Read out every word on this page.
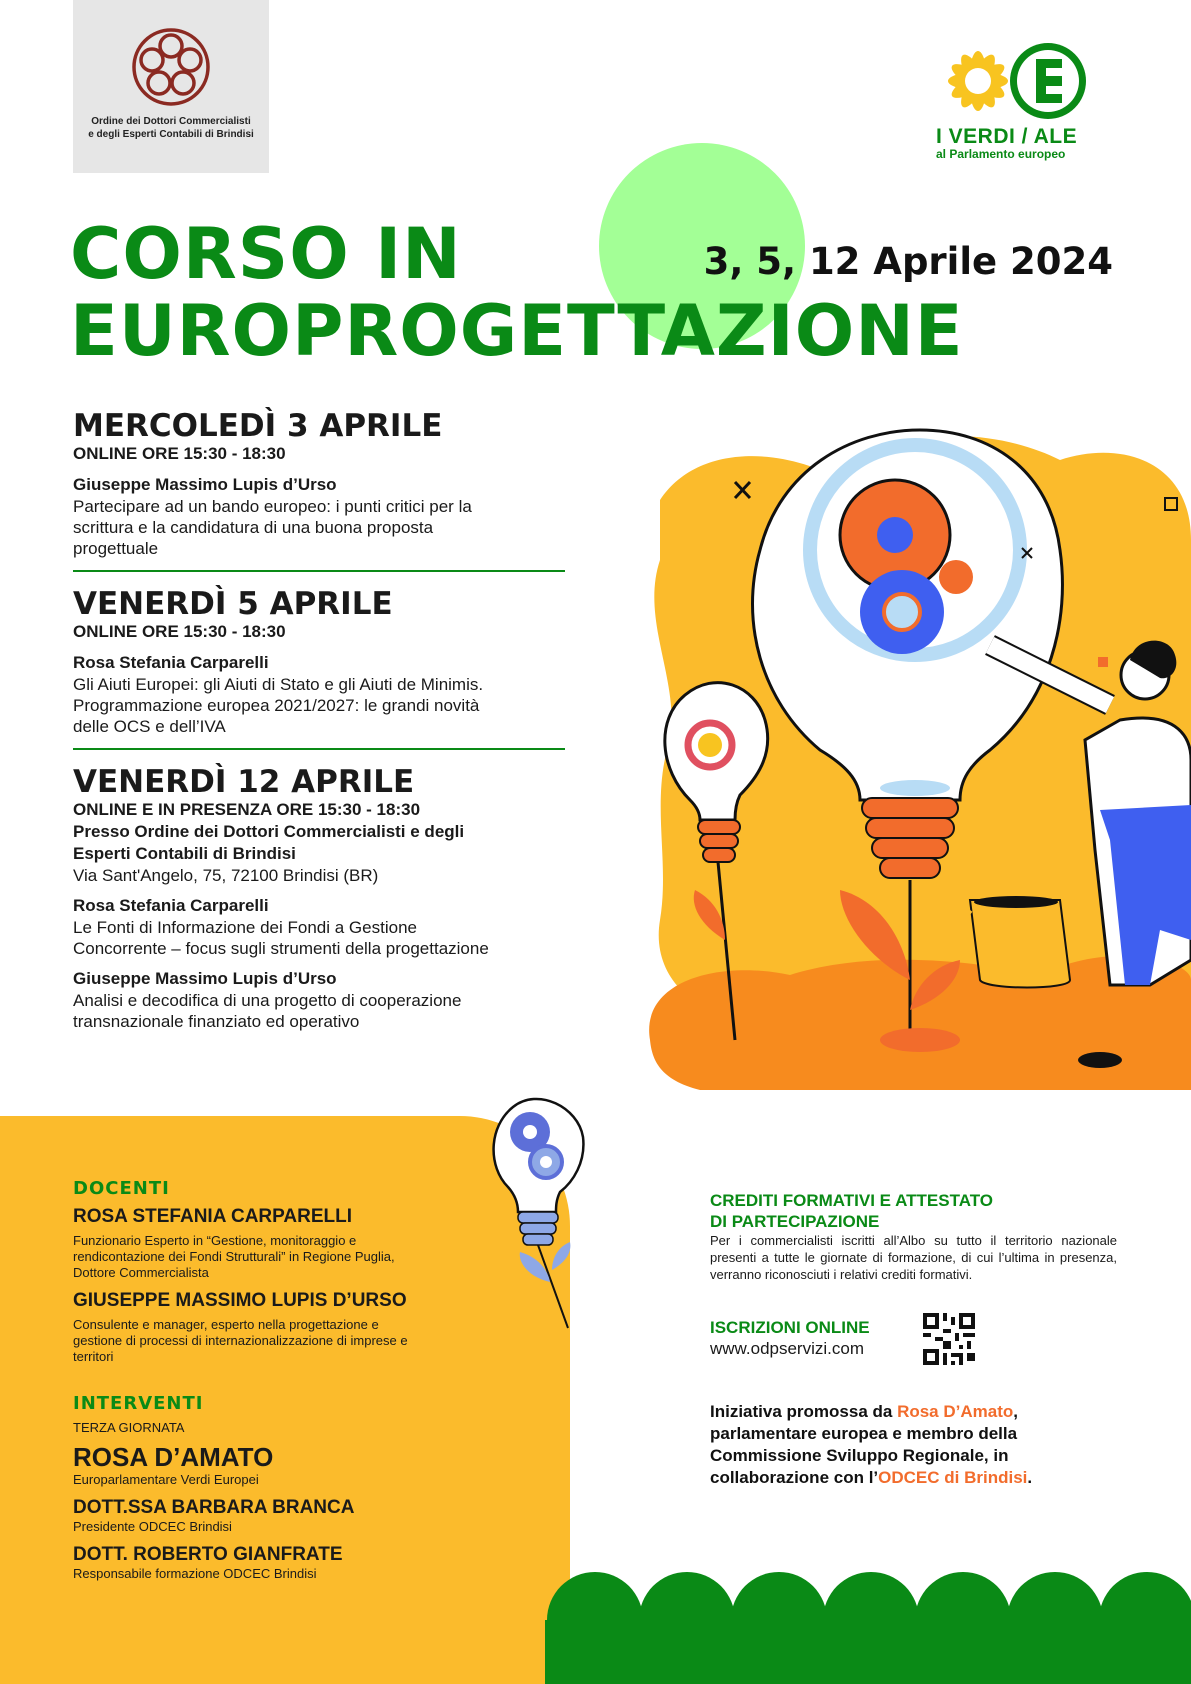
Ordine dei Dottori Commercialisti
e degli Esperti Contabili di Brindisi	I VERDI / ALE
al Parlamento europeo
CORSO IN
EUROPROGETTAZIONE
3, 5, 12 Aprile 2024
MERCOLEDÌ 3 APRILE
ONLINE ORE 15:30 - 18:30
Giuseppe Massimo Lupis d’Urso
Partecipare ad un bando europeo: i punti critici per la
scrittura e la candidatura di una buona proposta
progettuale
VENERDÌ 5 APRILE
ONLINE ORE 15:30 - 18:30
Rosa Stefania Carparelli
Gli Aiuti Europei: gli Aiuti di Stato e gli Aiuti de Minimis.
Programmazione europea 2021/2027: le grandi novità
delle OCS e dell’IVA
VENERDÌ 12 APRILE
ONLINE E IN PRESENZA ORE 15:30 - 18:30
Presso Ordine dei Dottori Commercialisti e degli
Esperti Contabili di Brindisi
Via Sant'Angelo, 75, 72100 Brindisi (BR)
Rosa Stefania Carparelli
Le Fonti di Informazione dei Fondi a Gestione
Concorrente – focus sugli strumenti della progettazione
Giuseppe Massimo Lupis d’Urso
Analisi e decodifica di una progetto di cooperazione
transnazionale finanziato ed operativo
DOCENTI
ROSA STEFANIA CARPARELLI
Funzionario Esperto in “Gestione, monitoraggio e
rendicontazione dei Fondi Strutturali” in Regione Puglia,
Dottore Commercialista
GIUSEPPE MASSIMO LUPIS D’URSO
Consulente e manager, esperto nella progettazione e
gestione di processi di internazionalizzazione di imprese e
territori
INTERVENTI
TERZA GIORNATA
ROSA D’AMATO
Europarlamentare Verdi Europei
DOTT.SSA BARBARA BRANCA
Presidente ODCEC Brindisi
DOTT. ROBERTO GIANFRATE
Responsabile formazione ODCEC Brindisi
CREDITI FORMATIVI E ATTESTATO
DI PARTECIPAZIONE
Per i commercialisti iscritti all’Albo su tutto il territorio nazionale presenti a tutte le giornate di formazione, di cui l’ultima in presenza, verranno riconosciuti i relativi crediti formativi.
ISCRIZIONI ONLINE
www.odpservizi.com
Iniziativa promossa da Rosa D’Amato, parlamentare europea e membro della Commissione Sviluppo Regionale, in collaborazione con l’ODCEC di Brindisi.
